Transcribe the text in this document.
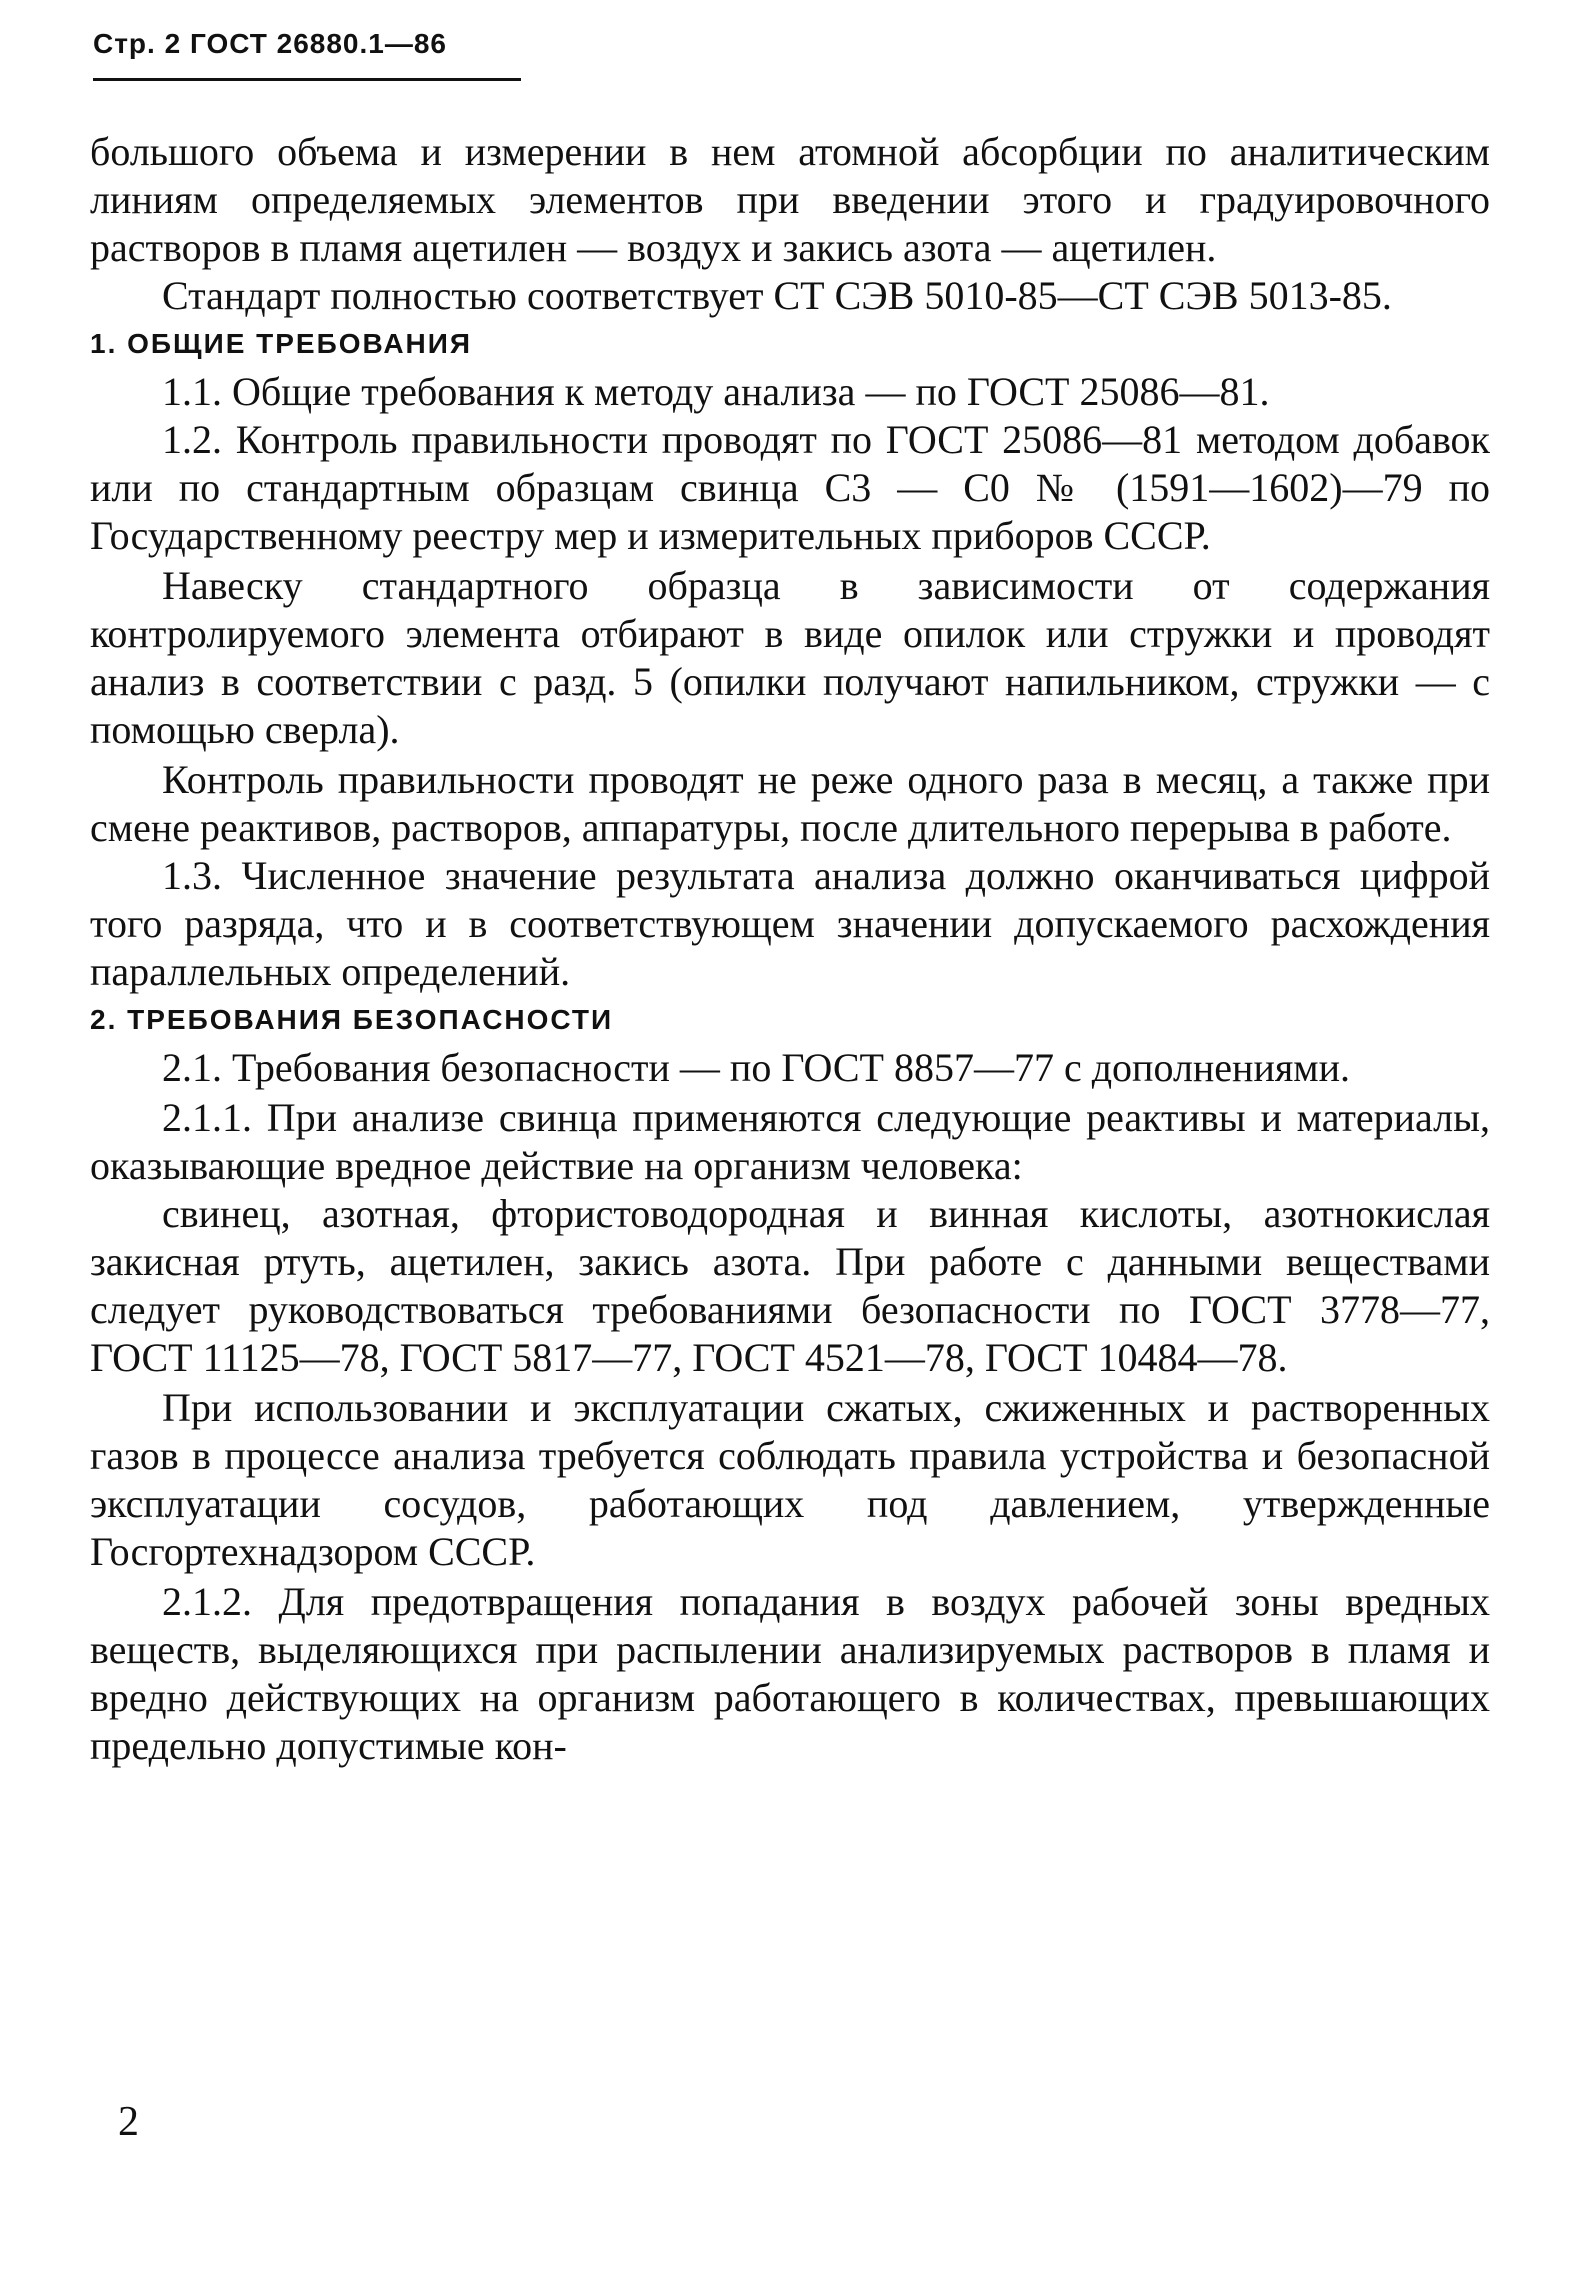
Стр. 2 ГОСТ 26880.1—86

большого объема и измерении в нем атомной абсорбции по аналитическим линиям определяемых элементов при введении этого и градуировочного растворов в пламя ацетилен — воздух и закись азота — ацетилен.

Стандарт полностью соответствует СТ СЭВ 5010-85—СТ СЭВ 5013-85.

1. ОБЩИЕ ТРЕБОВАНИЯ

1.1. Общие требования к методу анализа — по ГОСТ 25086—81.

1.2. Контроль правильности проводят по ГОСТ 25086—81 методом добавок или по стандартным образцам свинца С3 — С0 № (1591—1602)—79 по Государственному реестру мер и измерительных приборов СССР.

Навеску стандартного образца в зависимости от содержания контролируемого элемента отбирают в виде опилок или стружки и проводят анализ в соответствии с разд. 5 (опилки получают напильником, стружки — с помощью сверла).

Контроль правильности проводят не реже одного раза в месяц, а также при смене реактивов, растворов, аппаратуры, после длительного перерыва в работе.

1.3. Численное значение результата анализа должно оканчиваться цифрой того разряда, что и в соответствующем значении допускаемого расхождения параллельных определений.

2. ТРЕБОВАНИЯ БЕЗОПАСНОСТИ

2.1. Требования безопасности — по ГОСТ 8857—77 с дополнениями.

2.1.1. При анализе свинца применяются следующие реактивы и материалы, оказывающие вредное действие на организм человека:

свинец, азотная, фтористоводородная и винная кислоты, азотнокислая закисная ртуть, ацетилен, закись азота. При работе с данными веществами следует руководствоваться требованиями безопасности по ГОСТ 3778—77, ГОСТ 11125—78, ГОСТ 5817—77, ГОСТ 4521—78, ГОСТ 10484—78.

При использовании и эксплуатации сжатых, сжиженных и растворенных газов в процессе анализа требуется соблюдать правила устройства и безопасной эксплуатации сосудов, работающих под давлением, утвержденные Госгортехнадзором СССР.

2.1.2. Для предотвращения попадания в воздух рабочей зоны вредных веществ, выделяющихся при распылении анализируемых растворов в пламя и вредно действующих на организм работающего в количествах, превышающих предельно допустимые кон-

2
